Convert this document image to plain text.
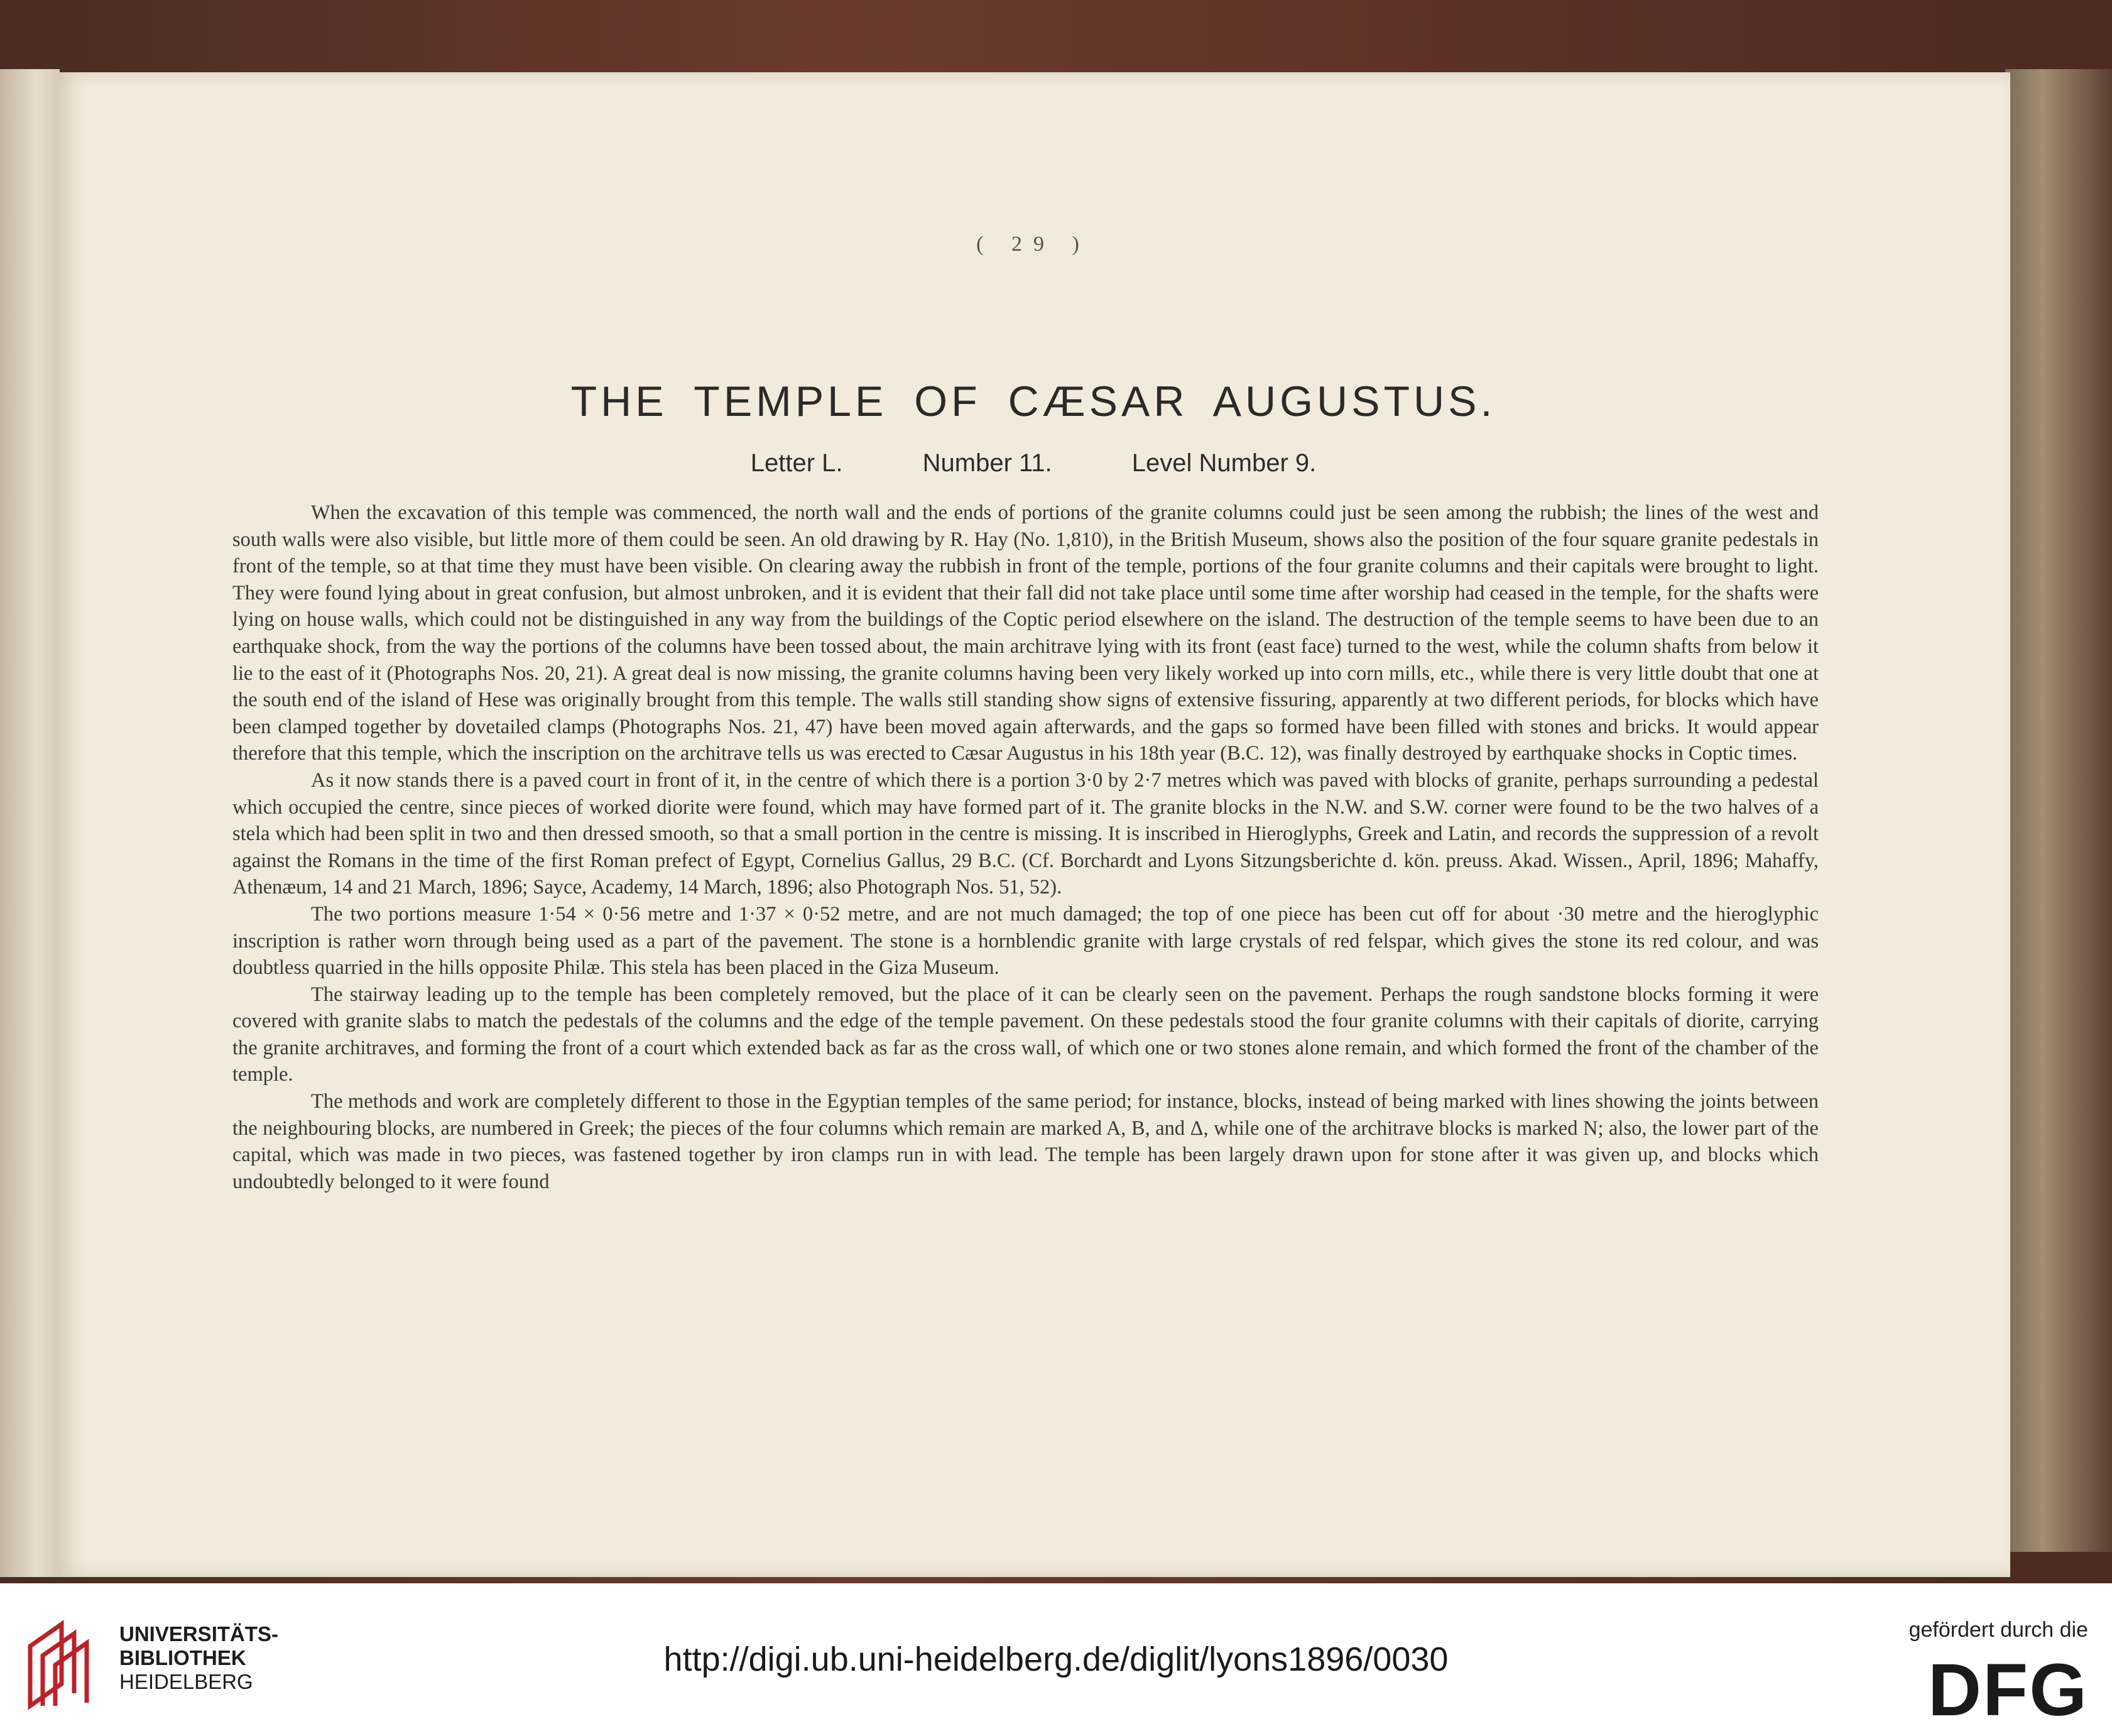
( 29 )
THE TEMPLE OF CÆSAR AUGUSTUS.
Letter L.	Number 11.	Level Number 9.

When the excavation of this temple was commenced, the north wall and the ends of portions of the granite columns could just be seen among the rubbish; the lines of the west and south walls were also visible, but little more of them could be seen. An old drawing by R. Hay (No. 1,810), in the British Museum, shows also the position of the four square granite pedestals in front of the temple, so at that time they must have been visible. On clearing away the rubbish in front of the temple, portions of the four granite columns and their capitals were brought to light. They were found lying about in great confusion, but almost unbroken, and it is evident that their fall did not take place until some time after worship had ceased in the temple, for the shafts were lying on house walls, which could not be distinguished in any way from the buildings of the Coptic period elsewhere on the island. The destruction of the temple seems to have been due to an earthquake shock, from the way the portions of the columns have been tossed about, the main architrave lying with its front (east face) turned to the west, while the column shafts from below it lie to the east of it (Photographs Nos. 20, 21). A great deal is now missing, the granite columns having been very likely worked up into corn mills, etc., while there is very little doubt that one at the south end of the island of Hese was originally brought from this temple. The walls still standing show signs of extensive fissuring, apparently at two different periods, for blocks which have been clamped together by dovetailed clamps (Photographs Nos. 21, 47) have been moved again afterwards, and the gaps so formed have been filled with stones and bricks. It would appear therefore that this temple, which the inscription on the architrave tells us was erected to Cæsar Augustus in his 18th year (B.C. 12), was finally destroyed by earthquake shocks in Coptic times.

As it now stands there is a paved court in front of it, in the centre of which there is a portion 3·0 by 2·7 metres which was paved with blocks of granite, perhaps surrounding a pedestal which occupied the centre, since pieces of worked diorite were found, which may have formed part of it. The granite blocks in the N.W. and S.W. corner were found to be the two halves of a stela which had been split in two and then dressed smooth, so that a small portion in the centre is missing. It is inscribed in Hieroglyphs, Greek and Latin, and records the suppression of a revolt against the Romans in the time of the first Roman prefect of Egypt, Cornelius Gallus, 29 B.C. (Cf. Borchardt and Lyons Sitzungsberichte d. kön. preuss. Akad. Wissen., April, 1896; Mahaffy, Athenæum, 14 and 21 March, 1896; Sayce, Academy, 14 March, 1896; also Photograph Nos. 51, 52).

The two portions measure 1·54 × 0·56 metre and 1·37 × 0·52 metre, and are not much damaged; the top of one piece has been cut off for about ·30 metre and the hieroglyphic inscription is rather worn through being used as a part of the pavement. The stone is a hornblendic granite with large crystals of red felspar, which gives the stone its red colour, and was doubtless quarried in the hills opposite Philæ. This stela has been placed in the Giza Museum.

The stairway leading up to the temple has been completely removed, but the place of it can be clearly seen on the pavement. Perhaps the rough sandstone blocks forming it were covered with granite slabs to match the pedestals of the columns and the edge of the temple pavement. On these pedestals stood the four granite columns with their capitals of diorite, carrying the granite architraves, and forming the front of a court which extended back as far as the cross wall, of which one or two stones alone remain, and which formed the front of the chamber of the temple.

The methods and work are completely different to those in the Egyptian temples of the same period; for instance, blocks, instead of being marked with lines showing the joints between the neighbouring blocks, are numbered in Greek; the pieces of the four columns which remain are marked A, B, and Δ, while one of the architrave blocks is marked N; also, the lower part of the capital, which was made in two pieces, was fastened together by iron clamps run in with lead. The temple has been largely drawn upon for stone after it was given up, and blocks which undoubtedly belonged to it were found

UNIVERSITÄTS-
BIBLIOTHEK
HEIDELBERG
http://digi.ub.uni-heidelberg.de/diglit/lyons1896/0030
gefördert durch die
DFG
